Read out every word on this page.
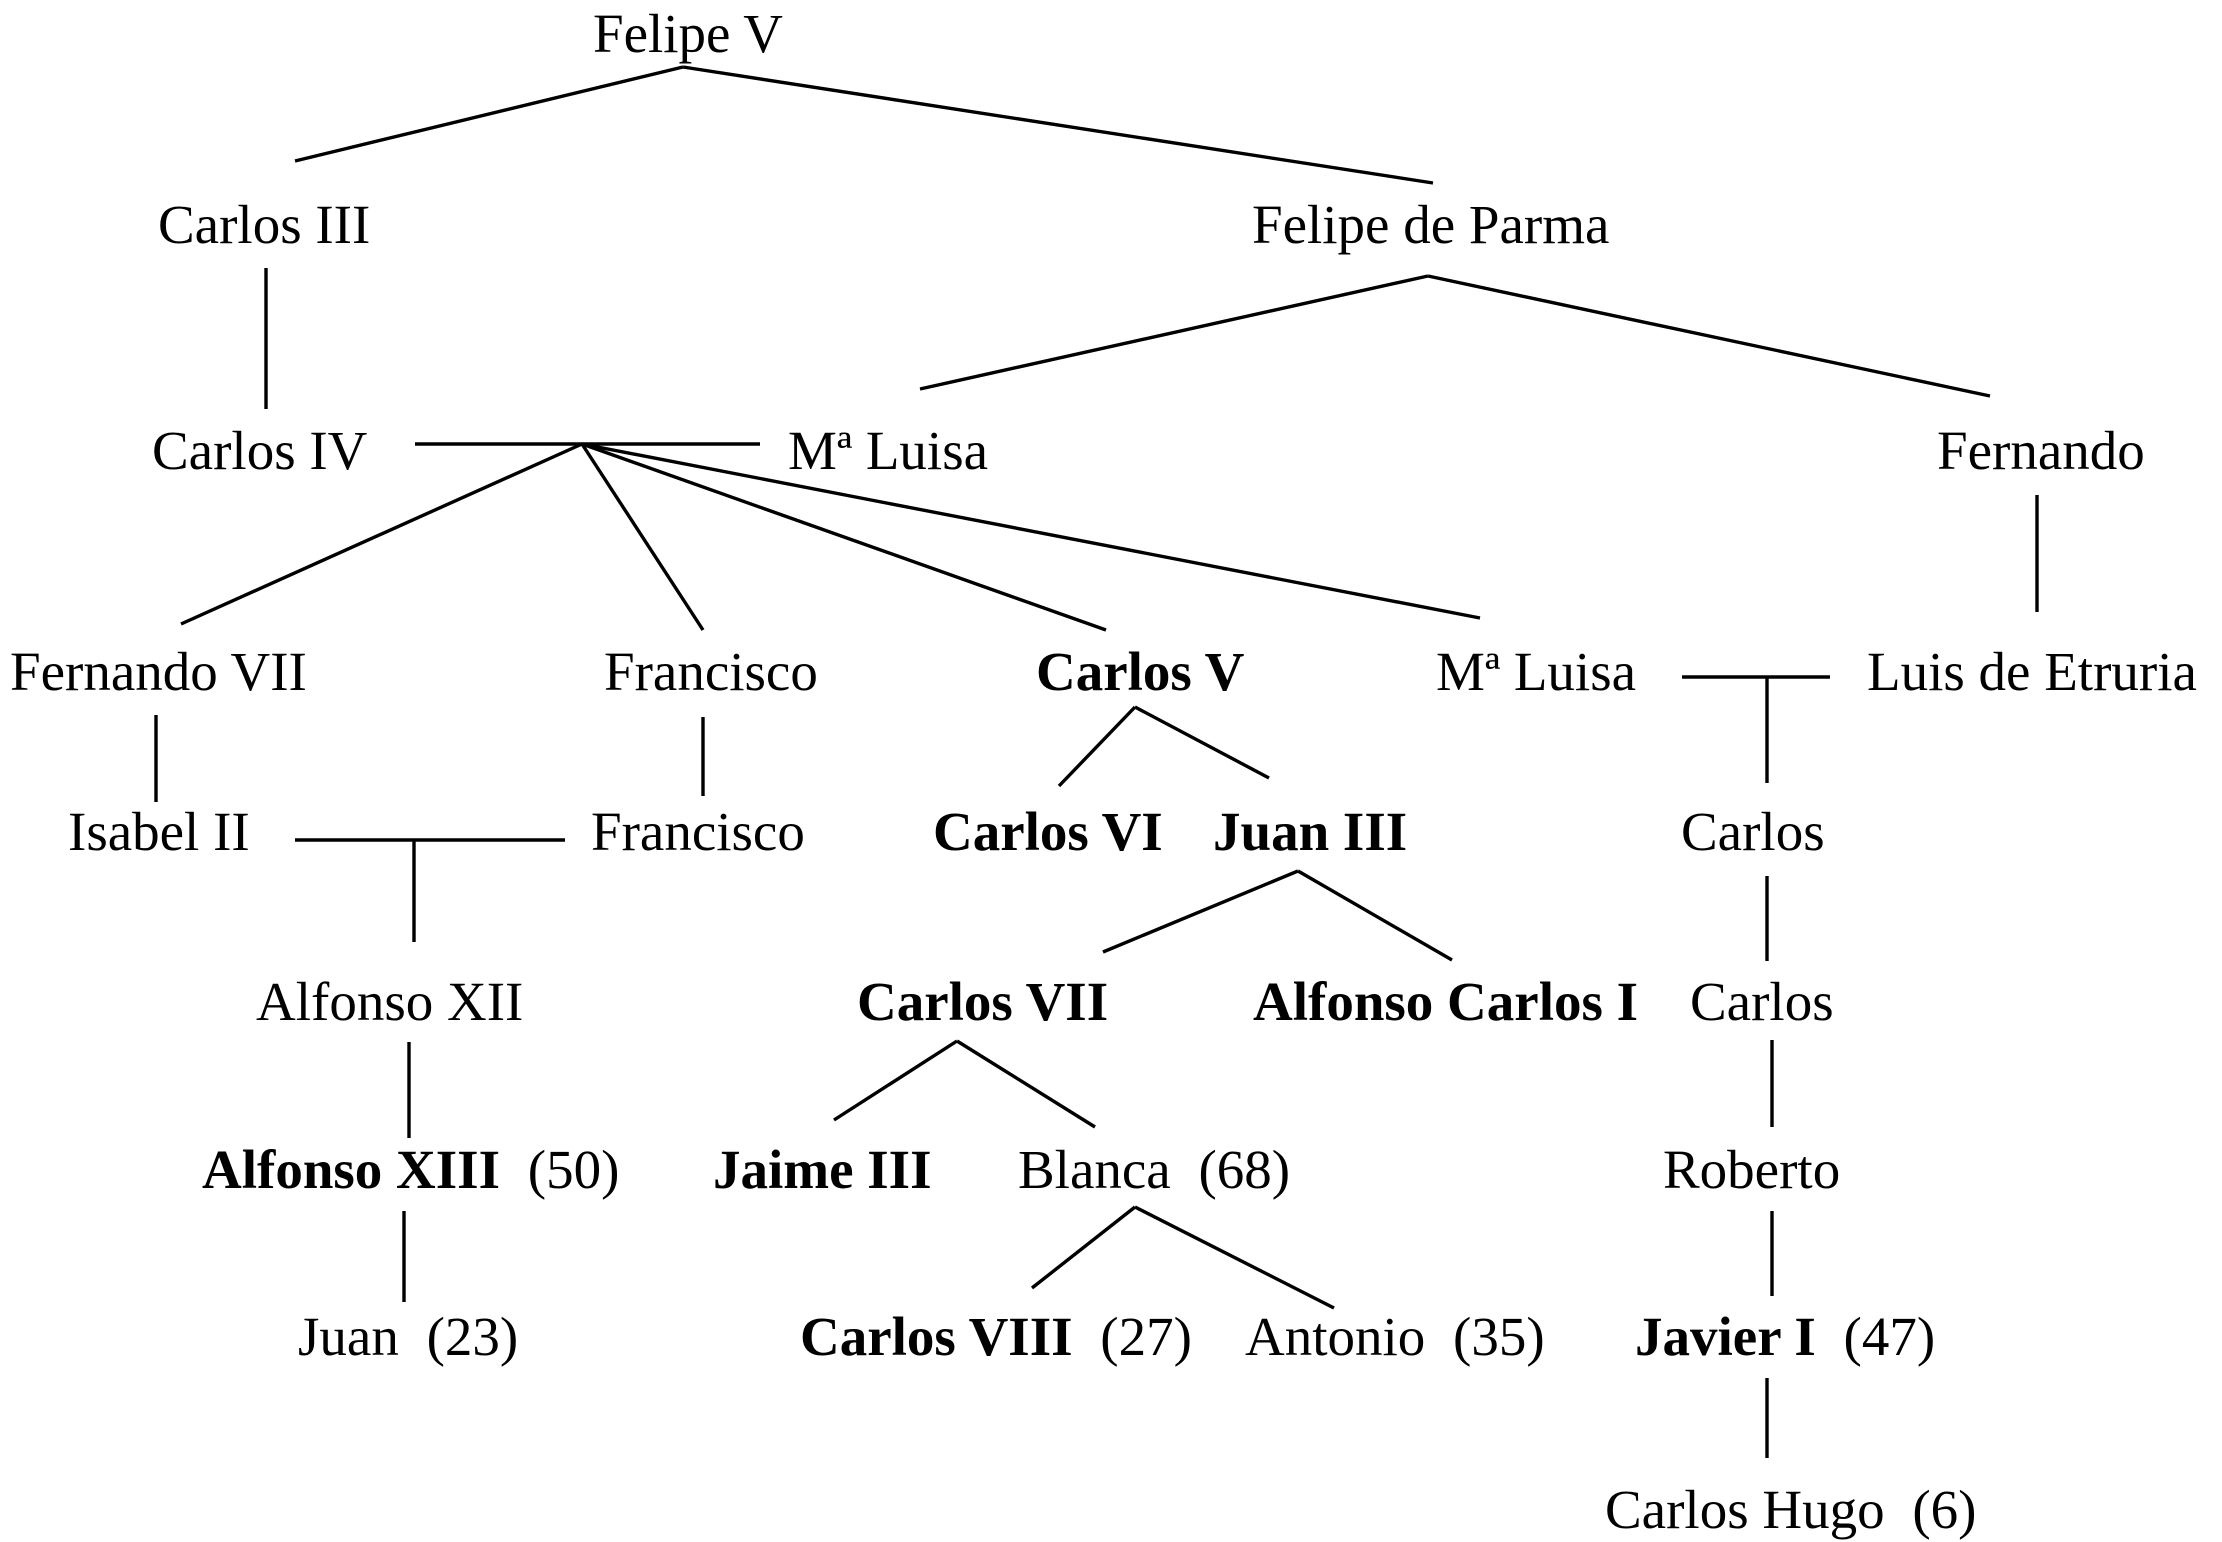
Felipe V
Carlos III	Felipe de Parma
Carlos IV	Mª Luisa	Fernando
Fernando VII	Francisco	Carlos V	Mª Luisa	Luis de Etruria
Isabel II	Francisco Carlos VI Juan III	Carlos
Alfonso XII	Carlos VII	Alfonso Carlos I Carlos
Alfonso XIII (50) Jaime III Blanca (68)	Roberto
Juan (23)	Carlos VIII (27) Antonio (35) Javier I (47)
Carlos Hugo (6)
